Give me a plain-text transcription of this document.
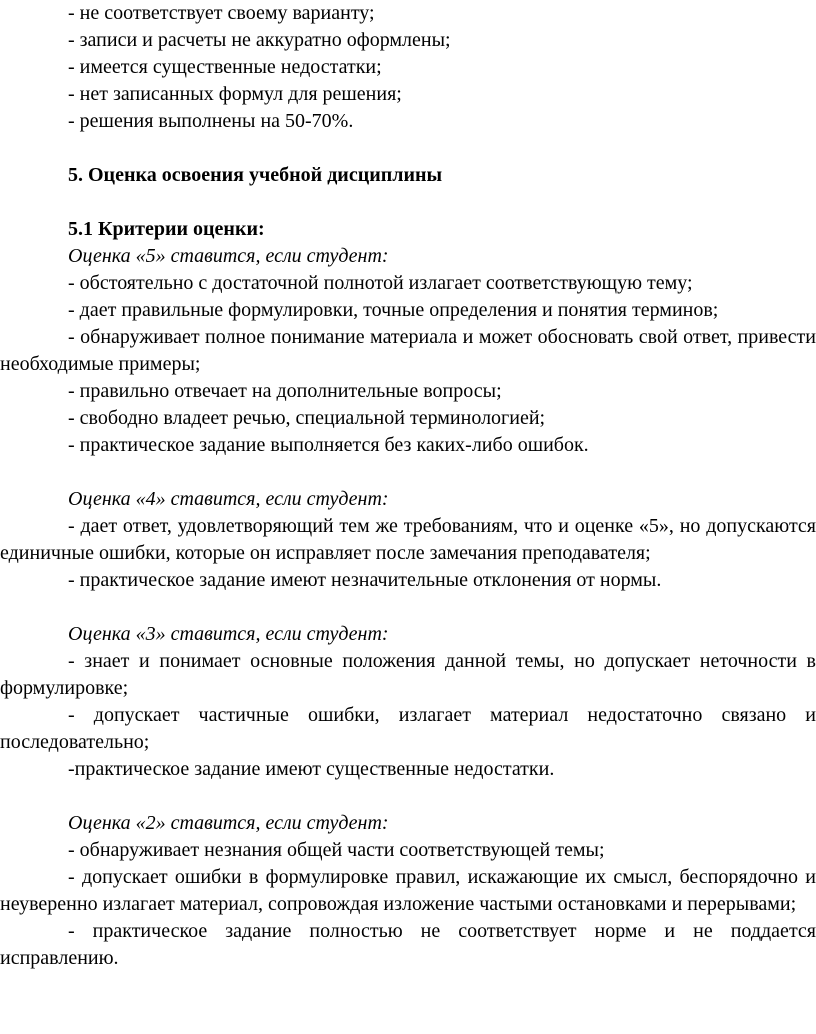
- не соответствует своему варианту;

- записи и расчеты не аккуратно оформлены;

- имеется существенные недостатки;

- нет записанных формул для решения;

- решения выполнены на 50-70%.

5. Оценка освоения учебной дисциплины

5.1 Критерии оценки:

Оценка «5» ставится, если студент:

- обстоятельно с достаточной полнотой излагает соответствующую тему;

- дает правильные формулировки, точные определения и понятия терминов;

- обнаруживает полное понимание материала и может обосновать свой ответ, привести необходимые примеры;

- правильно отвечает на дополнительные вопросы;

- свободно владеет речью, специальной терминологией;

- практическое задание выполняется без каких-либо ошибок.

Оценка «4» ставится, если студент:

- дает ответ, удовлетворяющий тем же требованиям, что и оценке «5», но допускаются единичные ошибки, которые он исправляет после замечания преподавателя;

- практическое задание имеют незначительные отклонения от нормы.

Оценка «3» ставится, если студент:

- знает и понимает основные положения данной темы, но допускает неточности в формулировке;

- допускает частичные ошибки, излагает материал недостаточно связано и последовательно;

-практическое задание имеют существенные недостатки.

Оценка «2» ставится, если студент:

- обнаруживает незнания общей части соответствующей темы;

- допускает ошибки в формулировке правил, искажающие их смысл, беспорядочно и неуверенно излагает материал, сопровождая изложение частыми остановками и перерывами;

- практическое задание полностью не соответствует норме и не поддается исправлению.
